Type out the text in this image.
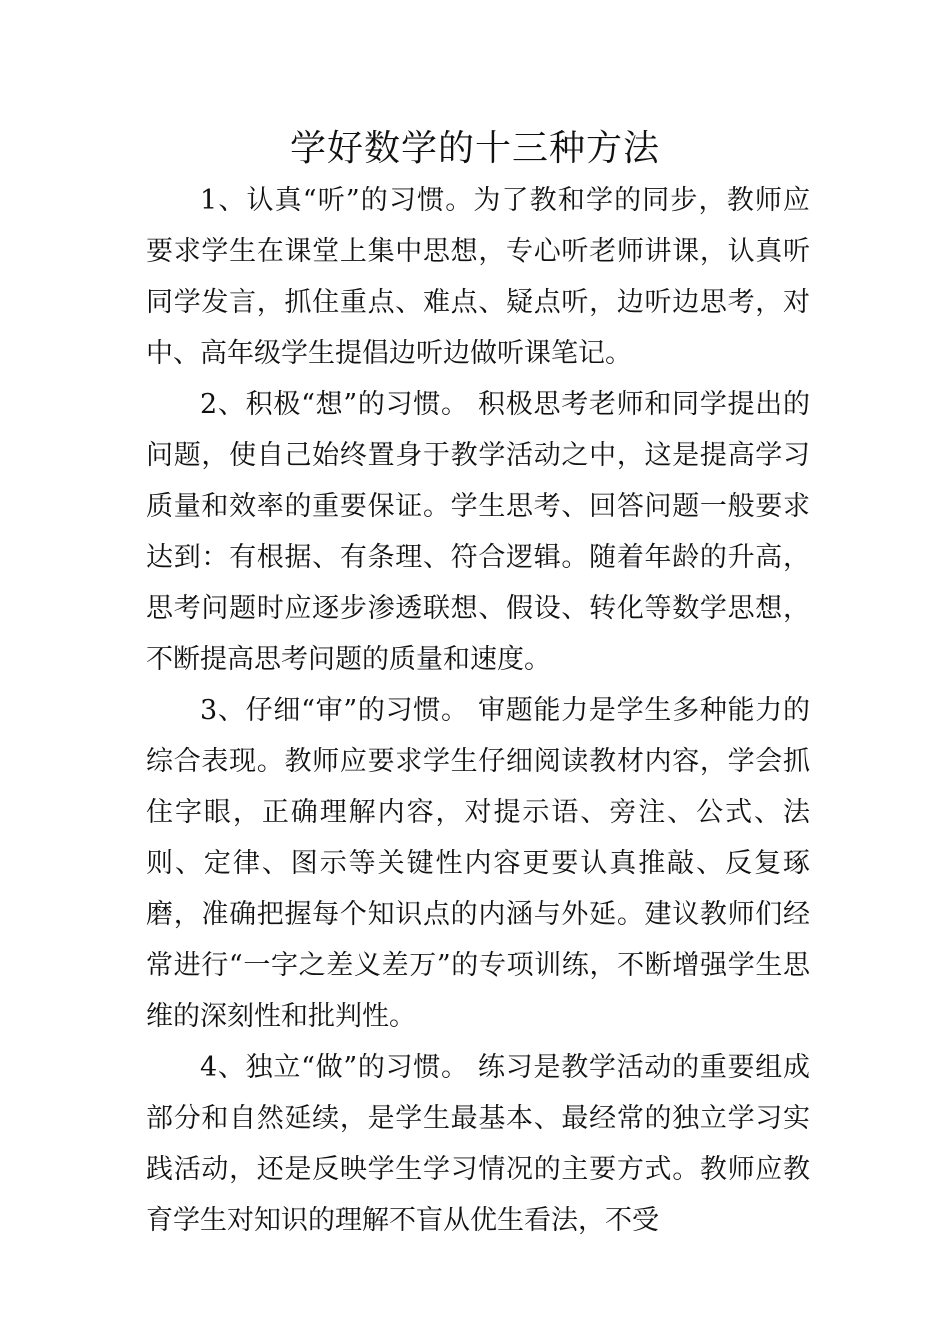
学好数学的十三种方法

1、认真“听”的习惯。为了教和学的同步，教师应要求学生在课堂上集中思想，专心听老师讲课，认真听同学发言，抓住重点、难点、疑点听，边听边思考，对中、高年级学生提倡边听边做听课笔记。

2、积极“想”的习惯。 积极思考老师和同学提出的问题，使自己始终置身于教学活动之中，这是提高学习质量和效率的重要保证。学生思考、回答问题一般要求达到：有根据、有条理、符合逻辑。随着年龄的升高，思考问题时应逐步渗透联想、假设、转化等数学思想，不断提高思考问题的质量和速度。

3、仔细“审”的习惯。 审题能力是学生多种能力的综合表现。教师应要求学生仔细阅读教材内容，学会抓住字眼，正确理解内容，对提示语、旁注、公式、法则、定律、图示等关键性内容更要认真推敲、反复琢磨，准确把握每个知识点的内涵与外延。建议教师们经常进行“一字之差义差万”的专项训练，不断增强学生思维的深刻性和批判性。

4、独立“做”的习惯。 练习是教学活动的重要组成部分和自然延续，是学生最基本、最经常的独立学习实践活动，还是反映学生学习情况的主要方式。教师应教育学生对知识的理解不盲从优生看法，不受
